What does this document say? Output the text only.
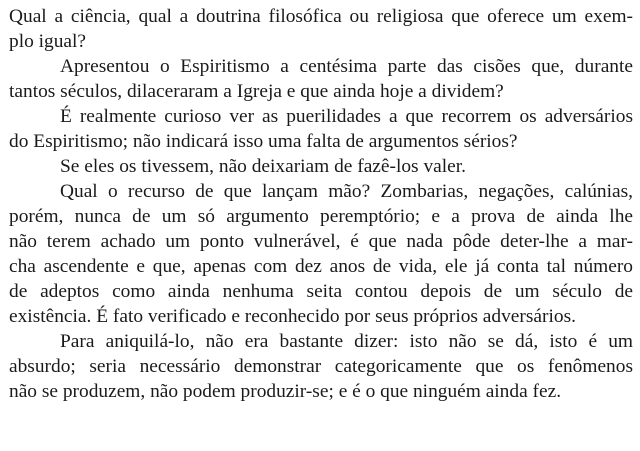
Qual a ciência, qual a doutrina filosófica ou religiosa que oferece um exem-
plo igual?
Apresentou o Espiritismo a centésima parte das cisões que, durante
tantos séculos, dilaceraram a Igreja e que ainda hoje a dividem?
É realmente curioso ver as puerilidades a que recorrem os adversários
do Espiritismo; não indicará isso uma falta de argumentos sérios?
Se eles os tivessem, não deixariam de fazê-los valer.
Qual o recurso de que lançam mão? Zombarias, negações, calúnias,
porém, nunca de um só argumento peremptório; e a prova de ainda lhe
não terem achado um ponto vulnerável, é que nada pôde deter-lhe a mar-
cha ascendente e que, apenas com dez anos de vida, ele já conta tal número
de adeptos como ainda nenhuma seita contou depois de um século de
existência. É fato verificado e reconhecido por seus próprios adversários.
Para aniquilá-lo, não era bastante dizer: isto não se dá, isto é um
absurdo; seria necessário demonstrar categoricamente que os fenômenos
não se produzem, não podem produzir-se; e é o que ninguém ainda fez.
